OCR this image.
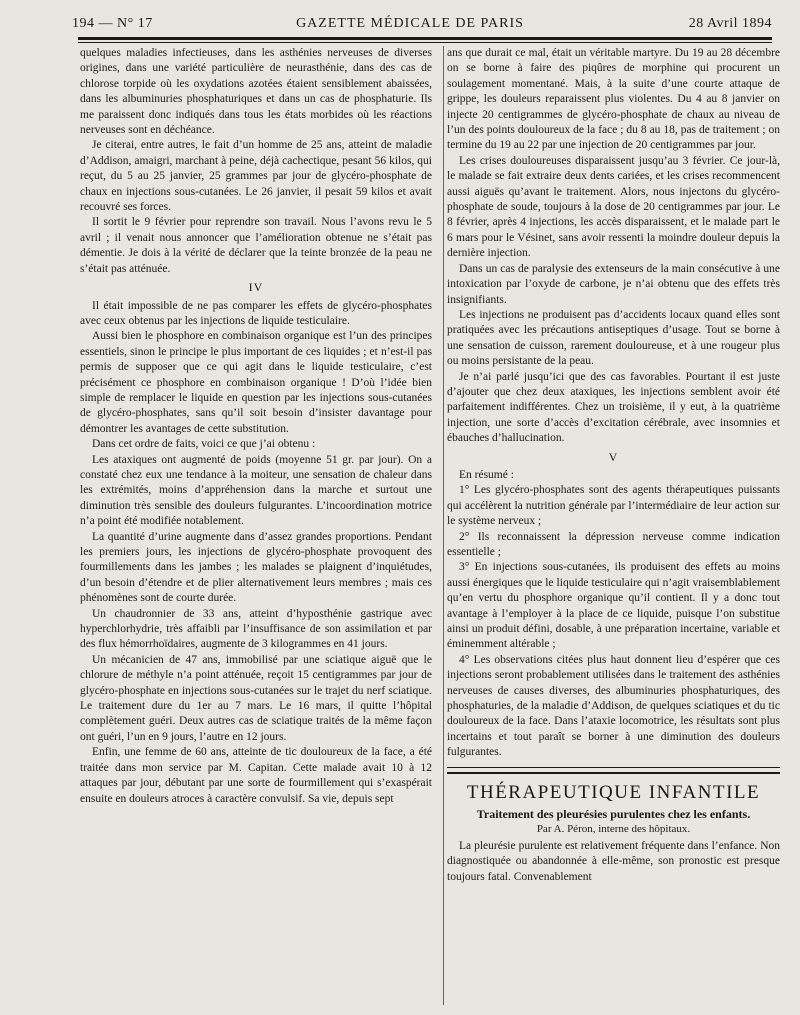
194 — N° 17	GAZETTE MÉDICALE DE PARIS	28 Avril 1894

quelques maladies infectieuses, dans les asthénies nerveuses de diverses origines, dans une variété particulière de neurasthénie, dans des cas de chlorose torpide où les oxydations azotées étaient sensiblement abaissées, dans les albuminuries phosphaturiques et dans un cas de phosphaturie. Ils me paraissent donc indiqués dans tous les états morbides où les réactions nerveuses sont en déchéance.

Je citerai, entre autres, le fait d’un homme de 25 ans, atteint de maladie d’Addison, amaigri, marchant à peine, déjà cachectique, pesant 56 kilos, qui reçut, du 5 au 25 janvier, 25 grammes par jour de glycéro-phosphate de chaux en injections sous-cutanées. Le 26 janvier, il pesait 59 kilos et avait recouvré ses forces.

Il sortit le 9 février pour reprendre son travail. Nous l’avons revu le 5 avril ; il venait nous annoncer que l’amélioration obtenue ne s’était pas démentie. Je dois à la vérité de déclarer que la teinte bronzée de la peau ne s’était pas atténuée.

IV

Il était impossible de ne pas comparer les effets de glycéro-phosphates avec ceux obtenus par les injections de liquide testiculaire.

Aussi bien le phosphore en combinaison organique est l’un des principes essentiels, sinon le principe le plus important de ces liquides ; et n’est-il pas permis de supposer que ce qui agit dans le liquide testiculaire, c’est précisément ce phosphore en combinaison organique ! D’où l’idée bien simple de remplacer le liquide en question par les injections sous-cutanées de glycéro-phosphates, sans qu’il soit besoin d’insister davantage pour démontrer les avantages de cette substitution.

Dans cet ordre de faits, voici ce que j’ai obtenu :

Les ataxiques ont augmenté de poids (moyenne 51 gr. par jour). On a constaté chez eux une tendance à la moiteur, une sensation de chaleur dans les extrémités, moins d’appréhension dans la marche et surtout une diminution très sensible des douleurs fulgurantes. L’incoordination motrice n’a point été modifiée notablement.

La quantité d’urine augmente dans d’assez grandes proportions. Pendant les premiers jours, les injections de glycéro-phosphate provoquent des fourmillements dans les jambes ; les malades se plaignent d’inquiétudes, d’un besoin d’étendre et de plier alternativement leurs membres ; mais ces phénomènes sont de courte durée.

Un chaudronnier de 33 ans, atteint d’hyposthénie gastrique avec hyperchlorhydrie, très affaibli par l’insuffisance de son assimilation et par des flux hémorrhoïdaires, augmente de 3 kilogrammes en 41 jours.

Un mécanicien de 47 ans, immobilisé par une sciatique aiguë que le chlorure de méthyle n’a point atténuée, reçoit 15 centigrammes par jour de glycéro-phosphate en injections sous-cutanées sur le trajet du nerf sciatique. Le traitement dure du 1er au 7 mars. Le 16 mars, il quitte l’hôpital complètement guéri. Deux autres cas de sciatique traités de la même façon ont guéri, l’un en 9 jours, l’autre en 12 jours.

Enfin, une femme de 60 ans, atteinte de tic douloureux de la face, a été traitée dans mon service par M. Capitan. Cette malade avait 10 à 12 attaques par jour, débutant par une sorte de fourmillement qui s’exaspérait ensuite en douleurs atroces à caractère convulsif. Sa vie, depuis sept

ans que durait ce mal, était un véritable martyre. Du 19 au 28 décembre on se borne à faire des piqûres de morphine qui procurent un soulagement momentané. Mais, à la suite d’une courte attaque de grippe, les douleurs reparaissent plus violentes. Du 4 au 8 janvier on injecte 20 centigrammes de glycéro-phosphate de chaux au niveau de l’un des points douloureux de la face ; du 8 au 18, pas de traitement ; on termine du 19 au 22 par une injection de 20 centigrammes par jour.

Les crises douloureuses disparaissent jusqu’au 3 février. Ce jour-là, le malade se fait extraire deux dents cariées, et les crises recommencent aussi aiguës qu’avant le traitement. Alors, nous injectons du glycéro-phosphate de soude, toujours à la dose de 20 centigrammes par jour. Le 8 février, après 4 injections, les accès disparaissent, et le malade part le 6 mars pour le Vésinet, sans avoir ressenti la moindre douleur depuis la dernière injection.

Dans un cas de paralysie des extenseurs de la main consécutive à une intoxication par l’oxyde de carbone, je n’ai obtenu que des effets très insignifiants.

Les injections ne produisent pas d’accidents locaux quand elles sont pratiquées avec les précautions antiseptiques d’usage. Tout se borne à une sensation de cuisson, rarement douloureuse, et à une rougeur plus ou moins persistante de la peau.

Je n’ai parlé jusqu’ici que des cas favorables. Pourtant il est juste d’ajouter que chez deux ataxiques, les injections semblent avoir été parfaitement indifférentes. Chez un troisième, il y eut, à la quatrième injection, une sorte d’accès d’excitation cérébrale, avec insomnies et ébauches d’hallucination.

V

En résumé :

1° Les glycéro-phosphates sont des agents thérapeutiques puissants qui accélèrent la nutrition générale par l’intermédiaire de leur action sur le système nerveux ;

2° Ils reconnaissent la dépression nerveuse comme indication essentielle ;

3° En injections sous-cutanées, ils produisent des effets au moins aussi énergiques que le liquide testiculaire qui n’agit vraisemblablement qu’en vertu du phosphore organique qu’il contient. Il y a donc tout avantage à l’employer à la place de ce liquide, puisque l’on substitue ainsi un produit défini, dosable, à une préparation incertaine, variable et éminemment altérable ;

4° Les observations citées plus haut donnent lieu d’espérer que ces injections seront probablement utilisées dans le traitement des asthénies nerveuses de causes diverses, des albuminuries phosphaturiques, des phosphaturies, de la maladie d’Addison, de quelques sciatiques et du tic douloureux de la face. Dans l’ataxie locomotrice, les résultats sont plus incertains et tout paraît se borner à une diminution des douleurs fulgurantes.

THÉRAPEUTIQUE INFANTILE
Traitement des pleurésies purulentes chez les enfants.
Par A. Péron, interne des hôpitaux.

La pleurésie purulente est relativement fréquente dans l’enfance. Non diagnostiquée ou abandonnée à elle-même, son pronostic est presque toujours fatal. Convenablement
